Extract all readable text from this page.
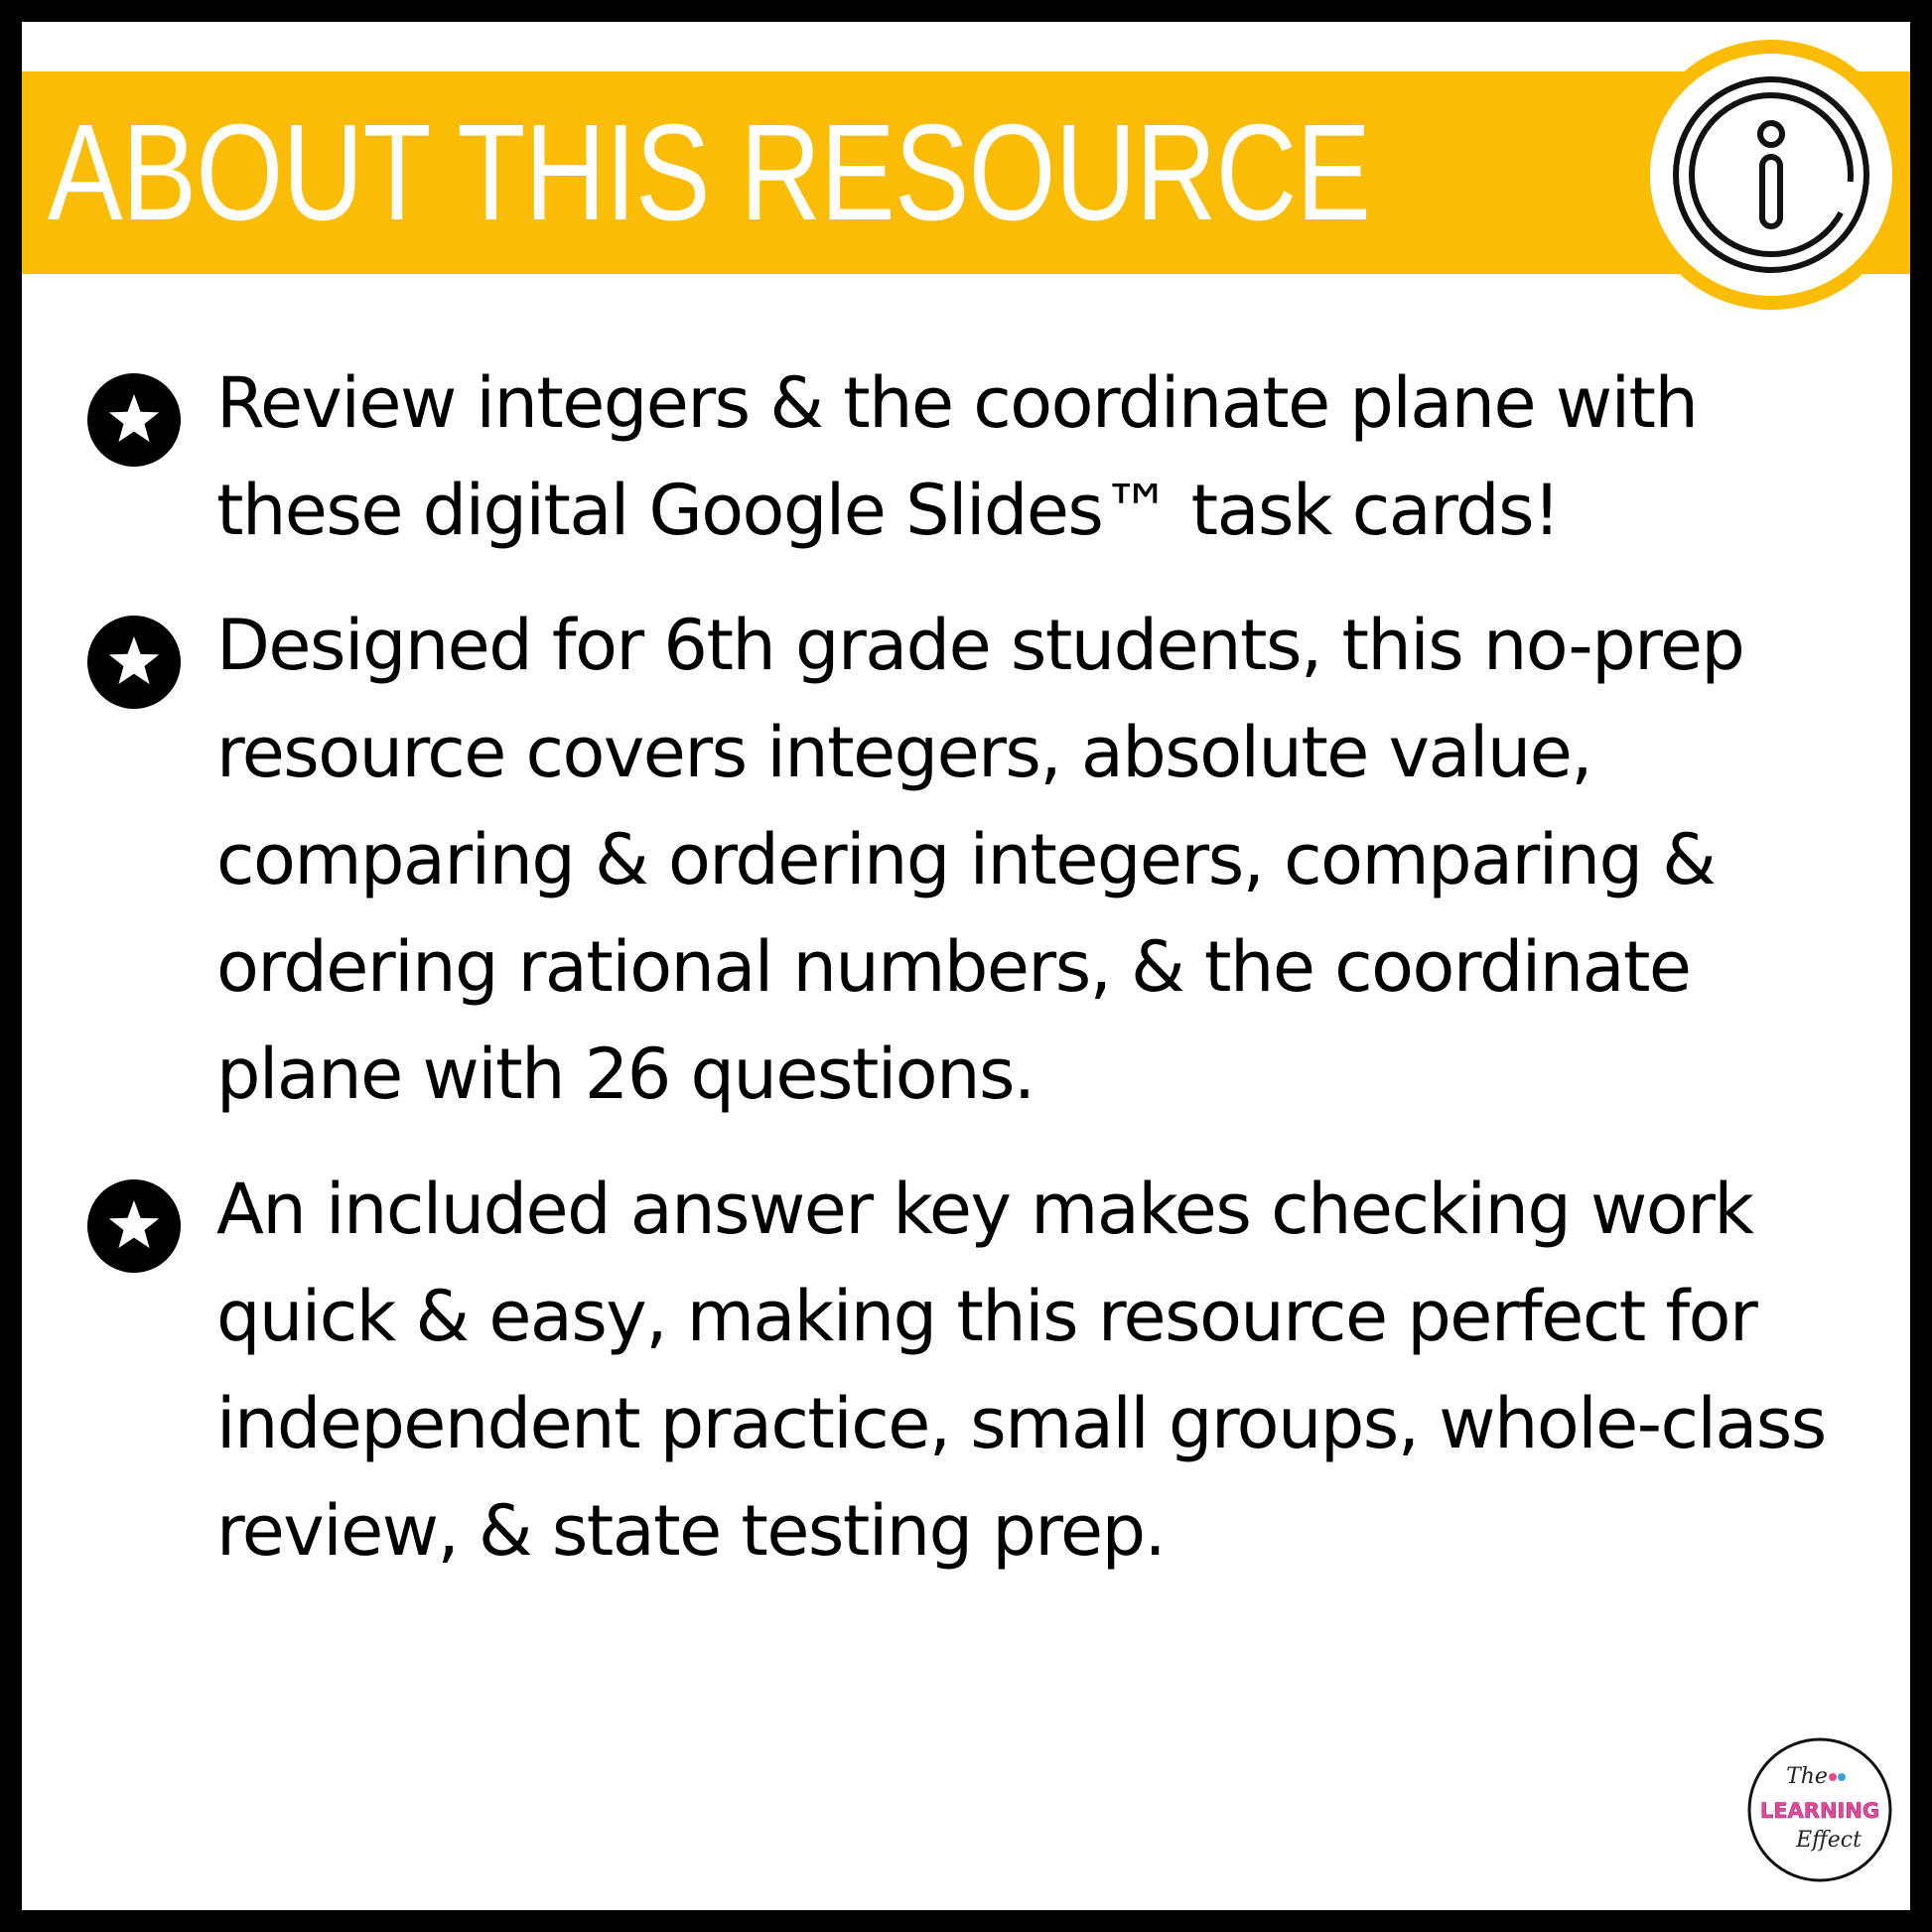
ABOUT THIS RESOURCE
Review integers & the coordinate plane with these digital Google Slides™ task cards!
Designed for 6th grade students, this no-prep resource covers integers, absolute value, comparing & ordering integers, comparing & ordering rational numbers, & the coordinate plane with 26 questions.
An included answer key makes checking work quick & easy, making this resource perfect for independent practice, small groups, whole-class review, & state testing prep.
The
LEARNING
Effect
